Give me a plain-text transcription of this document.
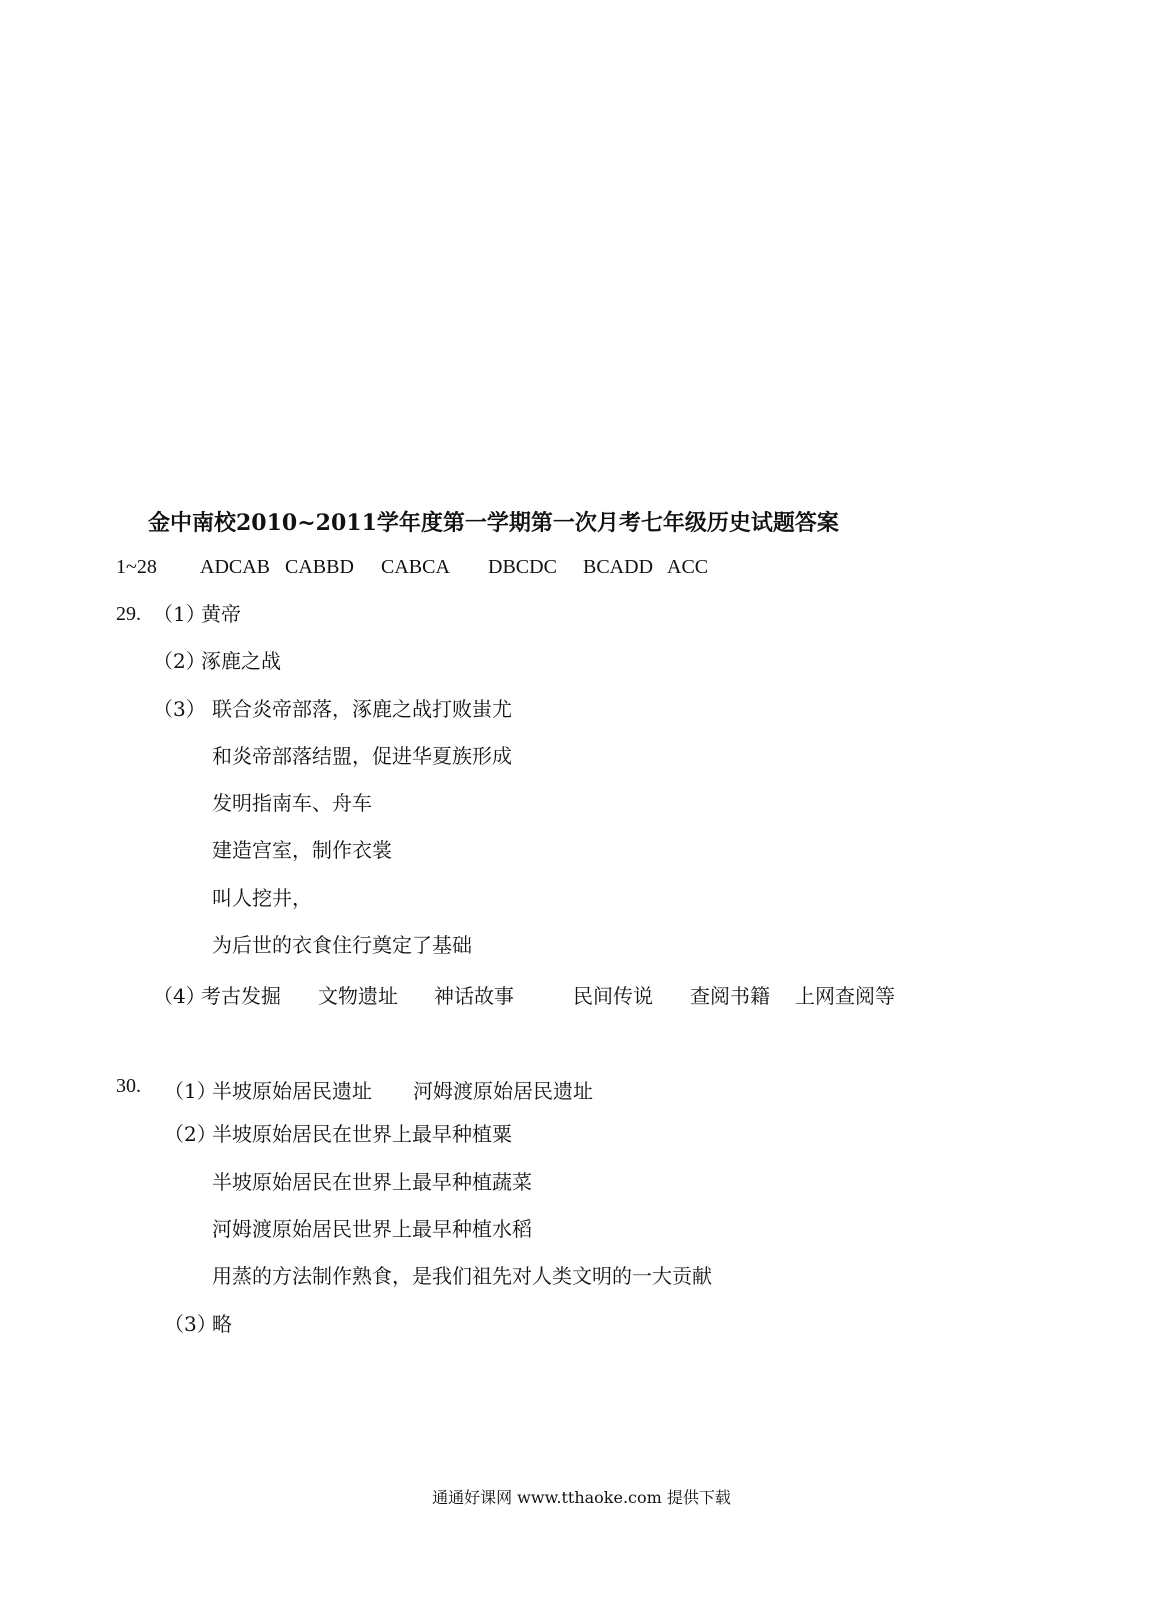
金中南校2010~2011学年度第一学期第一次月考七年级历史试题答案
1~28 ADCAB CABBD CABCA DBCDC BCADD ACC
29. （1）
黄帝
（2）
涿鹿之战
（3） 联合炎帝部落，涿鹿之战打败蚩尤
和炎帝部落结盟，促进华夏族形成
发明指南车、舟车
建造宫室，制作衣裳
叫人挖井，
为后世的衣食住行奠定了基础
（4）
考古发掘 文物遗址 神话故事	民间传说 查阅书籍 上网查阅等
30. （1）
半坡原始居民遗址 河姆渡原始居民遗址
（2）
半坡原始居民在世界上最早种植粟
半坡原始居民在世界上最早种植蔬菜
河姆渡原始居民世界上最早种植水稻
用蒸的方法制作熟食，是我们祖先对人类文明的一大贡献
（3）
略
通通好课网 www.tthaoke.com 提供下载
